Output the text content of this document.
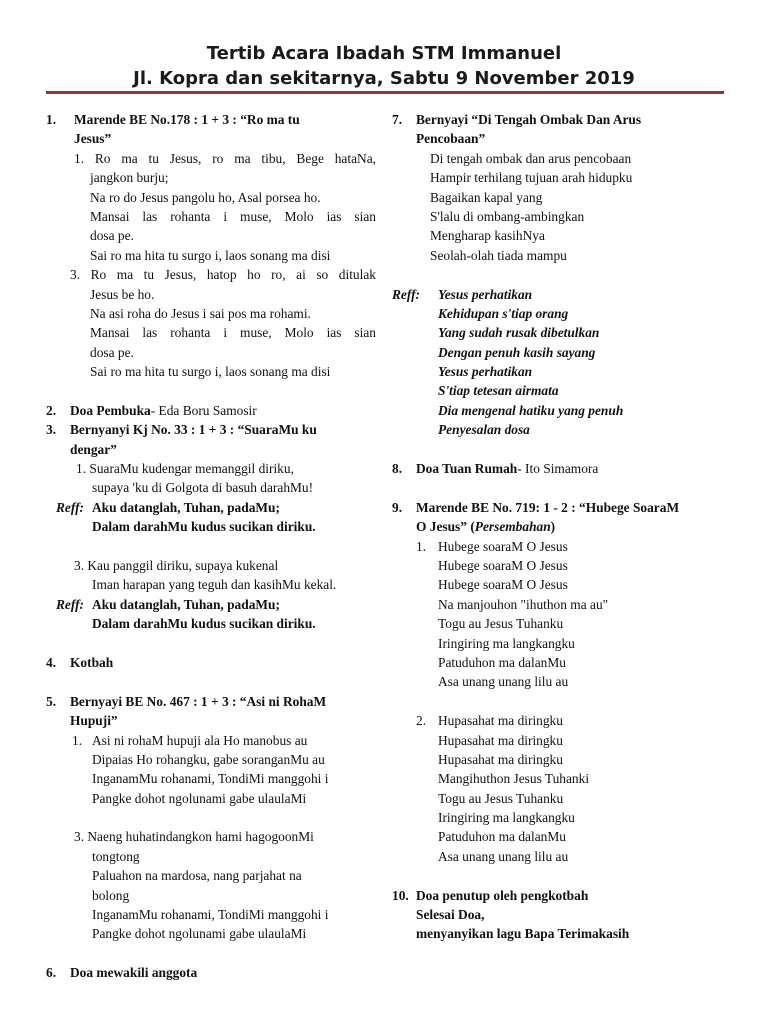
Tertib Acara Ibadah STM Immanuel
Jl. Kopra dan sekitarnya, Sabtu 9 November 2019
1. Marende BE No.178 : 1 + 3 : “Ro ma tu
Jesus”
1. Ro ma tu Jesus, ro ma tibu, Bege hataNa,
jangkon burju;
Na ro do Jesus pangolu ho, Asal porsea ho.
Mansai las rohanta i muse, Molo ias sian
dosa pe.
Sai ro ma hita tu surgo i, laos sonang ma disi
3. Ro ma tu Jesus, hatop ho ro, ai so ditulak
Jesus be ho.
Na asi roha do Jesus i sai pos ma rohami.
Mansai las rohanta i muse, Molo ias sian
dosa pe.
Sai ro ma hita tu surgo i, laos sonang ma disi
2. Doa Pembuka- Eda Boru Samosir
3. Bernyanyi Kj No. 33 : 1 + 3 : “SuaraMu ku
dengar”
1. SuaraMu kudengar memanggil diriku,
supaya 'ku di Golgota di basuh darahMu!
Reff: Aku datanglah, Tuhan, padaMu;
Dalam darahMu kudus sucikan diriku.
3. Kau panggil diriku, supaya kukenal
Iman harapan yang teguh dan kasihMu kekal.
Reff: Aku datanglah, Tuhan, padaMu;
Dalam darahMu kudus sucikan diriku.
4. Kotbah
5. Bernyayi BE No. 467 : 1 + 3 : “Asi ni RohaM
Hupuji”
1. Asi ni rohaM hupuji ala Ho manobus au
Dipaias Ho rohangku, gabe soranganMu au
InganamMu rohanami, TondiMi manggohi i
Pangke dohot ngolunami gabe ulaulaMi
3. Naeng huhatindangkon hami hagogoonMi
tongtong
Paluahon na mardosa, nang parjahat na
bolong
InganamMu rohanami, TondiMi manggohi i
Pangke dohot ngolunami gabe ulaulaMi
6. Doa mewakili anggota
7. Bernyayi “Di Tengah Ombak Dan Arus
Pencobaan”
Di tengah ombak dan arus pencobaan
Hampir terhilang tujuan arah hidupku
Bagaikan kapal yang
S'lalu di ombang-ambingkan
Mengharap kasihNya
Seolah-olah tiada mampu
Reff: Yesus perhatikan
Kehidupan s'tiap orang
Yang sudah rusak dibetulkan
Dengan penuh kasih sayang
Yesus perhatikan
S'tiap tetesan airmata
Dia mengenal hatiku yang penuh
Penyesalan dosa
8. Doa Tuan Rumah- Ito Simamora
9. Marende BE No. 719: 1 - 2 : “Hubege SoaraM
O Jesus” (Persembahan)
1. Hubege soaraM O Jesus
Hubege soaraM O Jesus
Hubege soaraM O Jesus
Na manjouhon "ihuthon ma au"
Togu au Jesus Tuhanku
Iringiring ma langkangku
Patuduhon ma dalanMu
Asa unang unang lilu au
2. Hupasahat ma diringku
Hupasahat ma diringku
Hupasahat ma diringku
Mangihuthon Jesus Tuhanki
Togu au Jesus Tuhanku
Iringiring ma langkangku
Patuduhon ma dalanMu
Asa unang unang lilu au
10. Doa penutup oleh pengkotbah
Selesai Doa,
menyanyikan lagu Bapa Terimakasih
